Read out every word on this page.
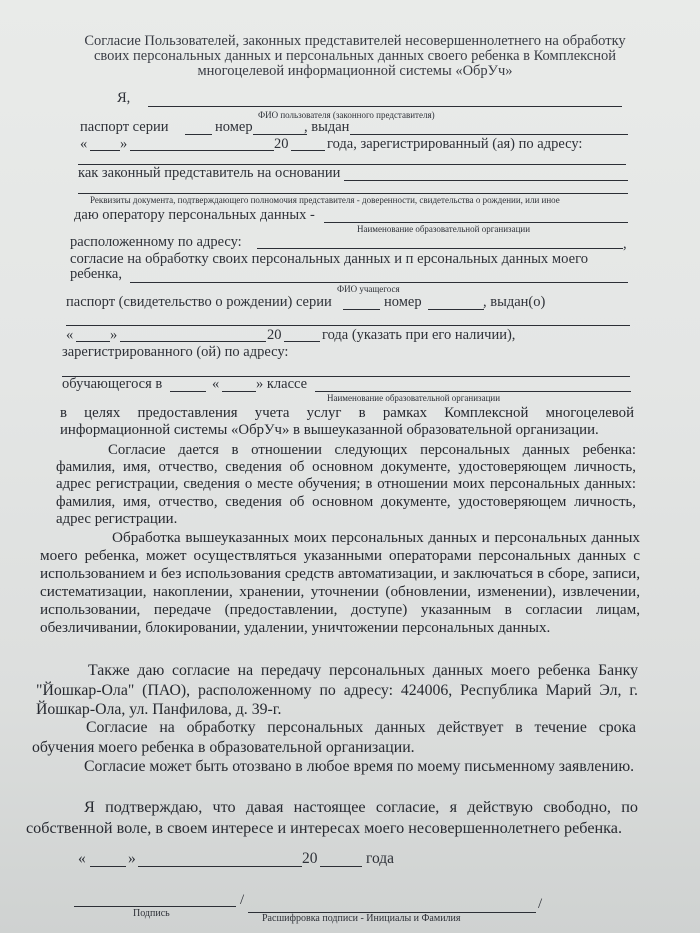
Согласие Пользователей, законных представителей несовершеннолетнего на обработку своих персональных данных и персональных данных своего ребенка в Комплексной многоцелевой информационной системы «ОбрУч»
Я,
ФИО пользователя (законного представителя)
паспорт серии	номер	, выдан
« »	20	года, зарегистрированный (ая) по адресу:
как законный представитель на основании
Реквизиты документа, подтверждающего полномочия представителя - доверенности, свидетельства о рождении, или иное
даю оператору персональных данных -
Наименование образовательной организации
расположенному по адресу:	,
согласие на обработку своих персональных данных и п ерсональных данных моего
ребенка,
ФИО учащегося
паспорт (свидетельство о рождении) серии	номер	, выдан(о)
«	»	20	года (указать при его наличии),
зарегистрированного (ой) по адресу:
обучающегося в	«	» классе
Наименование образовательной организации
в целях предоставления учета услуг в рамках Комплексной многоцелевой информационной системы «ОбрУч» в вышеуказанной образовательной организации.
Согласие дается в отношении следующих персональных данных ребенка: фамилия, имя, отчество, сведения об основном документе, удостоверяющем личность, адрес регистрации, сведения о месте обучения; в отношении моих персональных данных: фамилия, имя, отчество, сведения об основном документе, удостоверяющем личность, адрес регистрации.
Обработка вышеуказанных моих персональных данных и персональных данных моего ребенка, может осуществляться указанными операторами персональных данных с использованием и без использования средств автоматизации, и заключаться в сборе, записи, систематизации, накоплении, хранении, уточнении (обновлении, изменении), извлечении, использовании, передаче (предоставлении, доступе) указанным в согласии лицам, обезличивании, блокировании, удалении, уничтожении персональных данных.
Также даю согласие на передачу персональных данных моего ребенка Банку "Йошкар-Ола" (ПАО), расположенному по адресу: 424006, Республика Марий Эл, г. Йошкар-Ола, ул. Панфилова, д. 39-г.
Согласие на обработку персональных данных действует в течение срока обучения моего ребенка в образовательной организации.
Согласие может быть отозвано в любое время по моему письменному заявлению.
Я подтверждаю, что давая настоящее согласие, я действую свободно, по собственной воле, в своем интересе и интересах моего несовершеннолетнего ребенка.
«	»	20	года
/	/
Подпись	Расшифровка подписи - Инициалы и Фамилия
